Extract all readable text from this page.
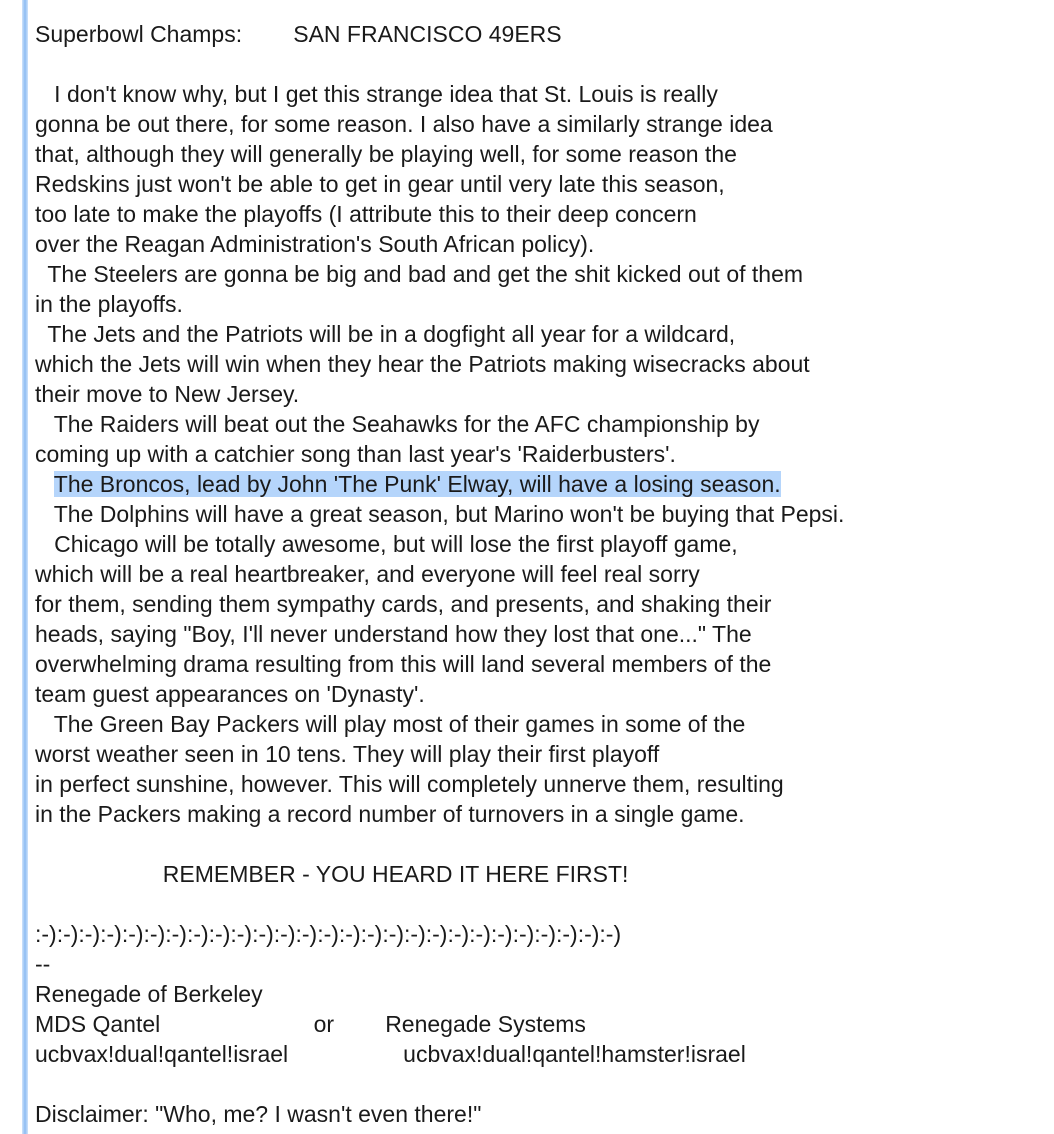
Superbowl Champs:        SAN FRANCISCO 49ERS
I don't know why, but I get this strange idea that St. Louis is really
gonna be out there, for some reason. I also have a similarly strange idea
that, although they will generally be playing well, for some reason the
Redskins just won't be able to get in gear until very late this season,
too late to make the playoffs (I attribute this to their deep concern
over the Reagan Administration's South African policy).
The Steelers are gonna be big and bad and get the shit kicked out of them
in the playoffs.
The Jets and the Patriots will be in a dogfight all year for a wildcard,
which the Jets will win when they hear the Patriots making wisecracks about
their move to New Jersey.
The Raiders will beat out the Seahawks for the AFC championship by
coming up with a catchier song than last year's 'Raiderbusters'.
The Broncos, lead by John 'The Punk' Elway, will have a losing season.
The Dolphins will have a great season, but Marino won't be buying that Pepsi.
Chicago will be totally awesome, but will lose the first playoff game,
which will be a real heartbreaker, and everyone will feel real sorry
for them, sending them sympathy cards, and presents, and shaking their
heads, saying "Boy, I'll never understand how they lost that one..." The
overwhelming drama resulting from this will land several members of the
team guest appearances on 'Dynasty'.
The Green Bay Packers will play most of their games in some of the
worst weather seen in 10 tens. They will play their first playoff
in perfect sunshine, however. This will completely unnerve them, resulting
in the Packers making a record number of turnovers in a single game.
REMEMBER - YOU HEARD IT HERE FIRST!
:-):-):-):-):-):-):-):-):-):-):-):-):-):-):-):-):-):-):-):-):-):-):-):-):-):-):-)
--
Renegade of Berkeley
MDS Qantel                        or        Renegade Systems
ucbvax!dual!qantel!israel                  ucbvax!dual!qantel!hamster!israel
Disclaimer: "Who, me? I wasn't even there!"
